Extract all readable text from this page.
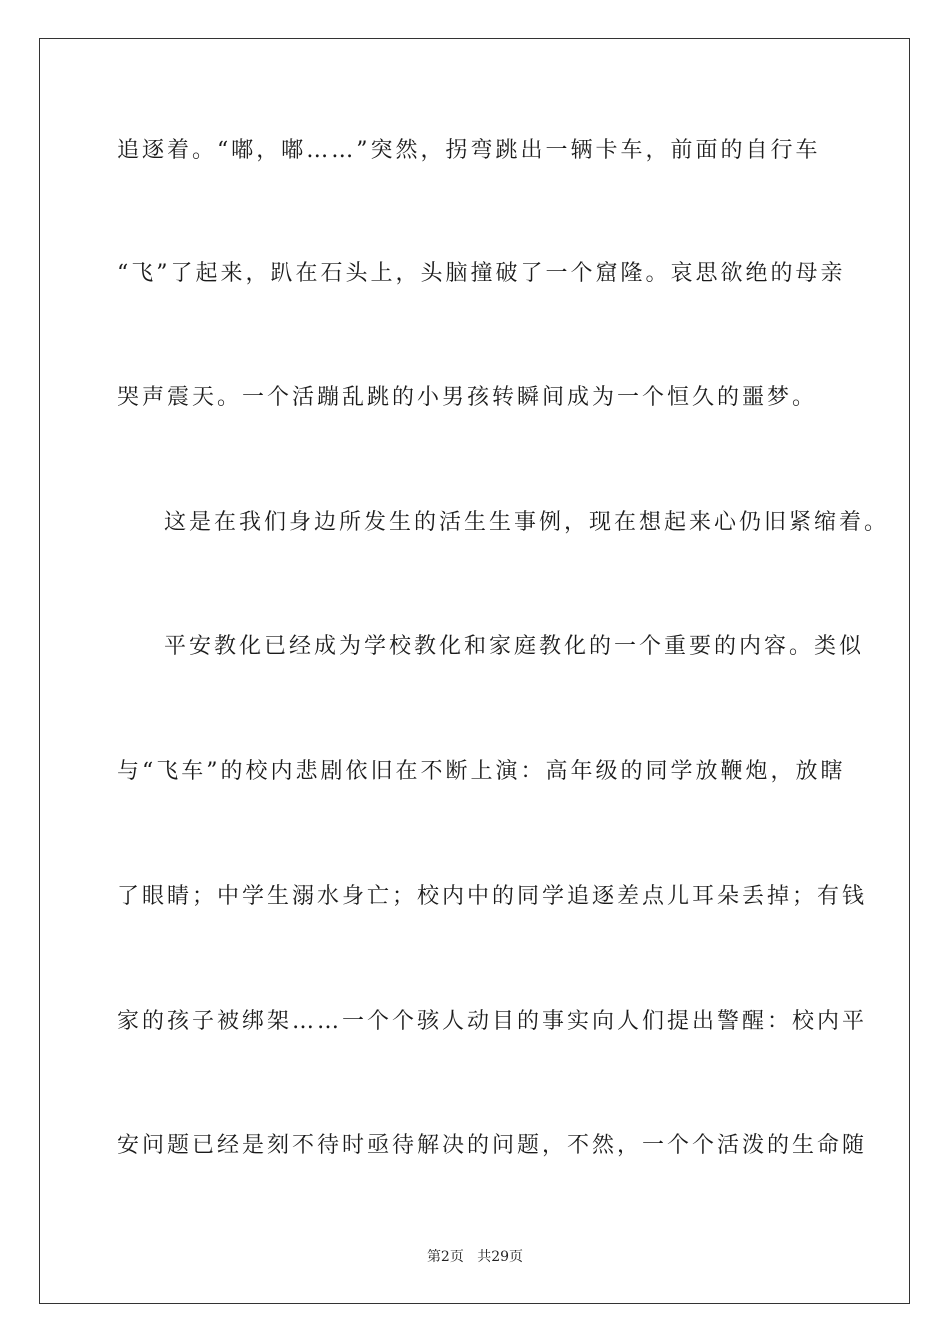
追逐着。“嘟，嘟……”突然，拐弯跳出一辆卡车，前面的自行车
“飞”了起来，趴在石头上，头脑撞破了一个窟隆。哀思欲绝的母亲
哭声震天。一个活蹦乱跳的小男孩转瞬间成为一个恒久的噩梦。
这是在我们身边所发生的活生生事例，现在想起来心仍旧紧缩着。
平安教化已经成为学校教化和家庭教化的一个重要的内容。类似
与“飞车”的校内悲剧依旧在不断上演：高年级的同学放鞭炮，放瞎
了眼睛；中学生溺水身亡；校内中的同学追逐差点儿耳朵丢掉；有钱
家的孩子被绑架……一个个骇人动目的事实向人们提出警醒：校内平
安问题已经是刻不待时亟待解决的问题，不然，一个个活泼的生命随
第2页 共29页
